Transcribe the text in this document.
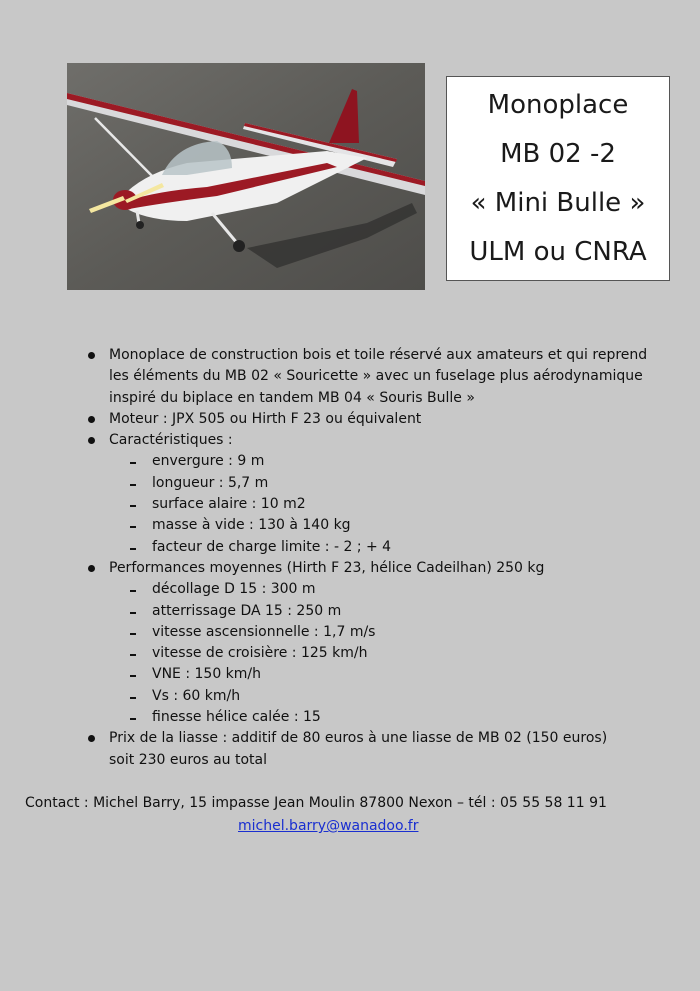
Monoplace
MB 02 -2
« Mini Bulle »
ULM ou CNRA
Monoplace de construction bois et toile réservé aux amateurs et qui reprend les éléments du MB 02 « Souricette » avec un fuselage plus aérodynamique inspiré du biplace en tandem MB 04 « Souris Bulle »
Moteur : JPX 505 ou Hirth F 23 ou équivalent
Caractéristiques :
envergure : 9 m
longueur : 5,7 m
surface alaire : 10 m2
masse à vide : 130 à 140 kg
facteur de charge limite : - 2 ; + 4
Performances moyennes (Hirth F 23, hélice Cadeilhan) 250 kg
décollage D 15 : 300 m
atterrissage DA 15 : 250 m
vitesse ascensionnelle : 1,7 m/s
vitesse de croisière : 125 km/h
VNE : 150 km/h
Vs : 60 km/h
finesse hélice calée : 15
Prix de la liasse : additif de 80 euros à une liasse de MB 02 (150 euros)
soit 230 euros au total
Contact : Michel Barry, 15 impasse Jean Moulin 87800 Nexon – tél : 05 55 58 11 91
michel.barry@wanadoo.fr
